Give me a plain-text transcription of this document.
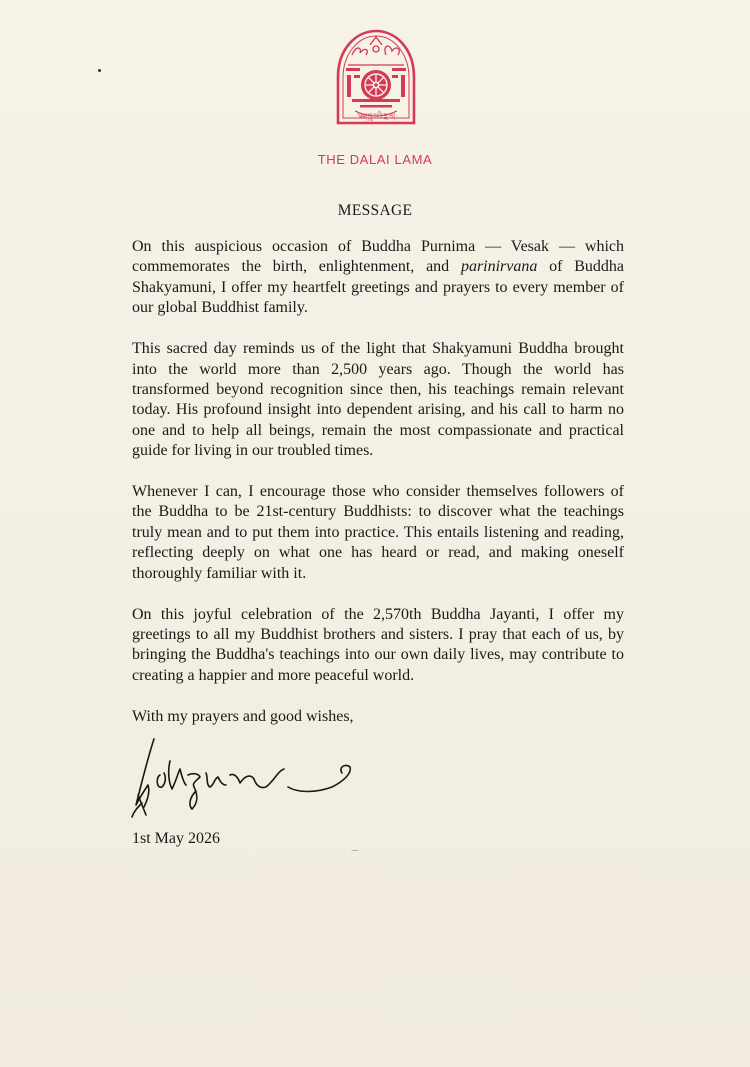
༄༅།།ཏཱ་ལའི་བླ་མ།
THE DALAI LAMA
MESSAGE

On this auspicious occasion of Buddha Purnima — Vesak — which commemorates the birth, enlightenment, and parinirvana of Buddha Shakyamuni, I offer my heartfelt greetings and prayers to every member of our global Buddhist family.

This sacred day reminds us of the light that Shakyamuni Buddha brought into the world more than 2,500 years ago. Though the world has transformed beyond recognition since then, his teachings remain relevant today. His profound insight into dependent arising, and his call to harm no one and to help all beings, remain the most compassionate and practical guide for living in our troubled times.

Whenever I can, I encourage those who consider themselves followers of the Buddha to be 21st-century Buddhists: to discover what the teachings truly mean and to put them into practice. This entails listening and reading, reflecting deeply on what one has heard or read, and making oneself thoroughly familiar with it.

On this joyful celebration of the 2,570th Buddha Jayanti, I offer my greetings to all my Buddhist brothers and sisters. I pray that each of us, by bringing the Buddha's teachings into our own daily lives, may contribute to creating a happier and more peaceful world.

With my prayers and good wishes,

1st May 2026
